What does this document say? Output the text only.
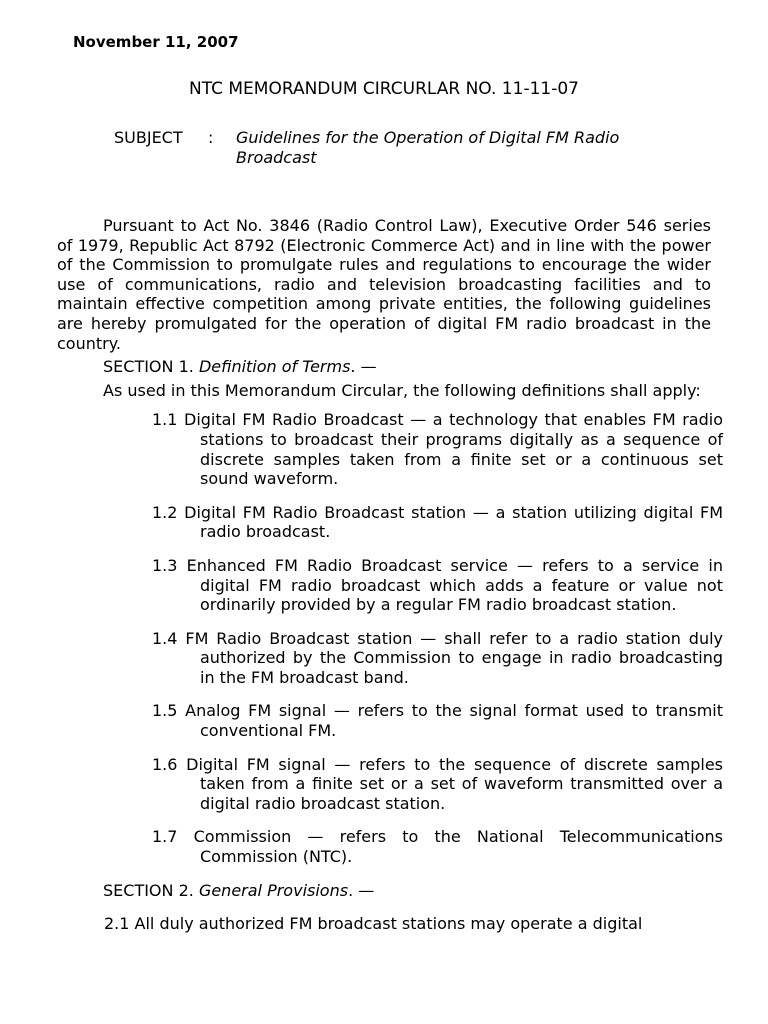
November 11, 2007
NTC MEMORANDUM CIRCURLAR NO. 11-11-07
SUBJECT : Guidelines for the Operation of Digital FM Radio Broadcast

Pursuant to Act No. 3846 (Radio Control Law), Executive Order 546 series of 1979, Republic Act 8792 (Electronic Commerce Act) and in line with the power of the Commission to promulgate rules and regulations to encourage the wider use of communications, radio and television broadcasting facilities and to maintain effective competition among private entities, the following guidelines are hereby promulgated for the operation of digital FM radio broadcast in the country.

SECTION 1. Definition of Terms. —

As used in this Memorandum Circular, the following definitions shall apply:

1.1 Digital FM Radio Broadcast — a technology that enables FM radio stations to broadcast their programs digitally as a sequence of discrete samples taken from a finite set or a continuous set sound waveform.

1.2 Digital FM Radio Broadcast station — a station utilizing digital FM radio broadcast.

1.3 Enhanced FM Radio Broadcast service — refers to a service in digital FM radio broadcast which adds a feature or value not ordinarily provided by a regular FM radio broadcast station.

1.4 FM Radio Broadcast station — shall refer to a radio station duly authorized by the Commission to engage in radio broadcasting in the FM broadcast band.

1.5 Analog FM signal — refers to the signal format used to transmit conventional FM.

1.6 Digital FM signal — refers to the sequence of discrete samples taken from a finite set or a set of waveform transmitted over a digital radio broadcast station.

1.7 Commission — refers to the National Telecommunications Commission (NTC).

SECTION 2. General Provisions. —

2.1 All duly authorized FM broadcast stations may operate a digital
